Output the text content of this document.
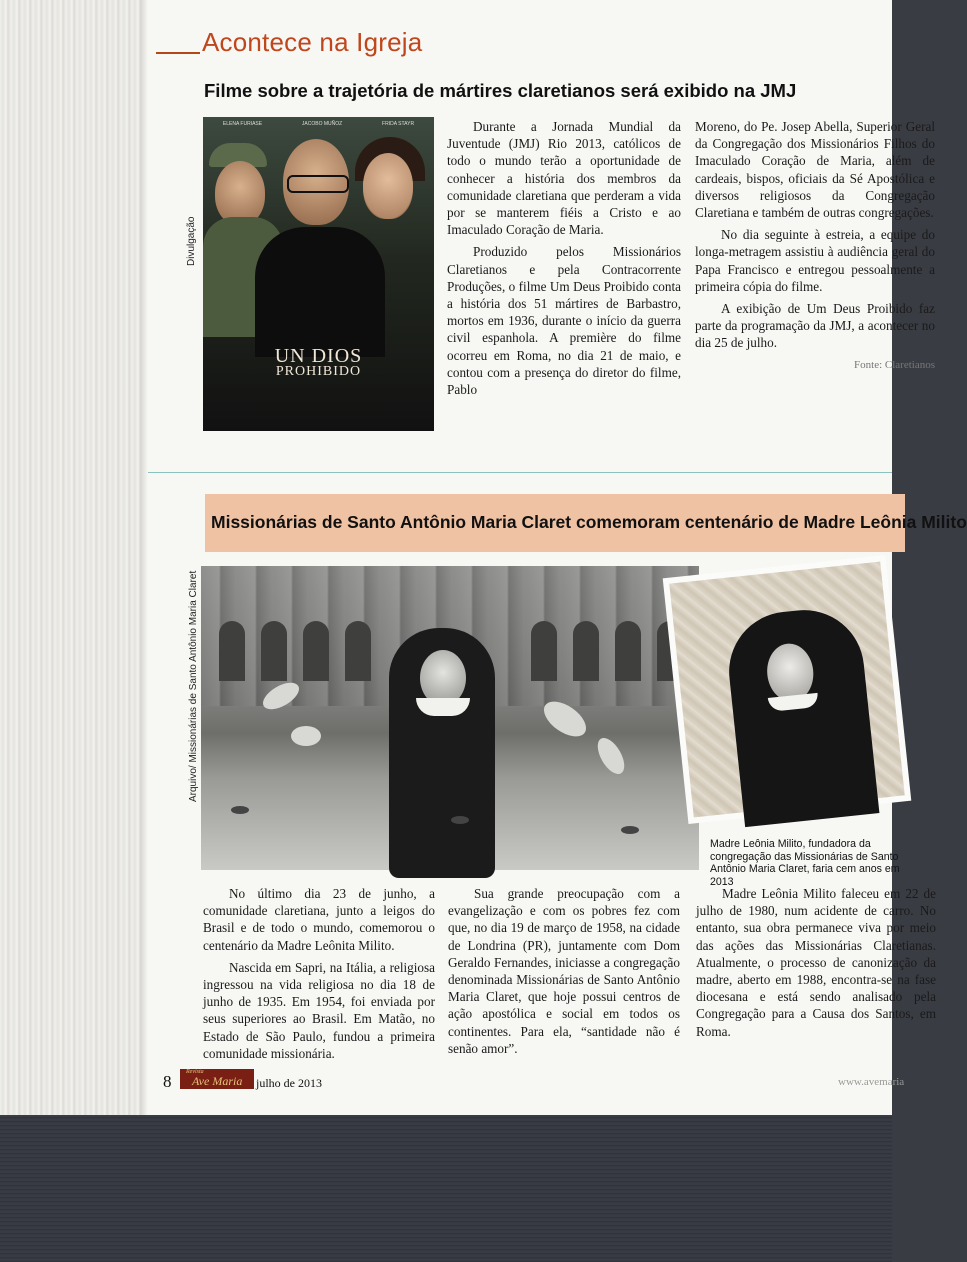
Acontece na Igreja
Filme sobre a trajetória de mártires claretianos será exibido na JMJ
Divulgação
ELENA FURIASE	JACOBO MUÑOZ	FRIDA STAYR
UN DIOS
PROHIBIDO

Durante a Jornada Mundial da Juventude (JMJ) Rio 2013, católicos de todo o mundo terão a oportunidade de conhecer a história dos membros da comunidade claretiana que perderam a vida por se manterem fiéis a Cristo e ao Imaculado Coração de Maria.

Produzido pelos Missionários Claretianos e pela Contracorrente Produções, o filme Um Deus Proibido conta a história dos 51 mártires de Barbastro, mortos em 1936, durante o início da guerra civil espanhola. A première do filme ocorreu em Roma, no dia 21 de maio, e contou com a presença do diretor do filme, Pablo

Moreno, do Pe. Josep Abella, Superior Geral da Congregação dos Missionários Filhos do Imaculado Coração de Maria, além de cardeais, bispos, oficiais da Sé Apostólica e diversos religiosos da Congregação Claretiana e também de outras congregações.

No dia seguinte à estreia, a equipe do longa-metragem assistiu à audiência geral do Papa Francisco e entregou pessoalmente a primeira cópia do filme.

A exibição de Um Deus Proibido faz parte da programação da JMJ, a acontecer no dia 25 de julho.

Fonte: Claretianos

Missionárias de Santo Antônio Maria Claret comemoram centenário de Madre Leônia Milito
Arquivo/ Missionárias de Santo Antônio Maria Claret
Madre Leônia Milito, fundadora da congregação das Missionárias de Santo Antônio Maria Claret, faria cem anos em 2013

No último dia 23 de junho, a comunidade claretiana, junto a leigos do Brasil e de todo o mundo, comemorou o centenário da Madre Leônita Milito.

Nascida em Sapri, na Itália, a religiosa ingressou na vida religiosa no dia 18 de junho de 1935. Em 1954, foi enviada por seus superiores ao Brasil. Em Matão, no Estado de São Paulo, fundou a primeira comunidade missionária.

Sua grande preocupação com a evangelização e com os pobres fez com que, no dia 19 de março de 1958, na cidade de Londrina (PR), juntamente com Dom Geraldo Fernandes, iniciasse a congregação denominada Missionárias de Santo Antônio Maria Claret, que hoje possui centros de ação apostólica e social em todos os continentes. Para ela, “santidade não é senão amor”.

Madre Leônia Milito faleceu em 22 de julho de 1980, num acidente de carro. No entanto, sua obra permanece viva por meio das ações das Missionárias Claretianas. Atualmente, o processo de canonização da madre, aberto em 1988, encontra-se na fase diocesana e está sendo analisado pela Congregação para a Causa dos Santos, em Roma.

8 Revista
Ave Maria julho de 2013	www.avemaria
